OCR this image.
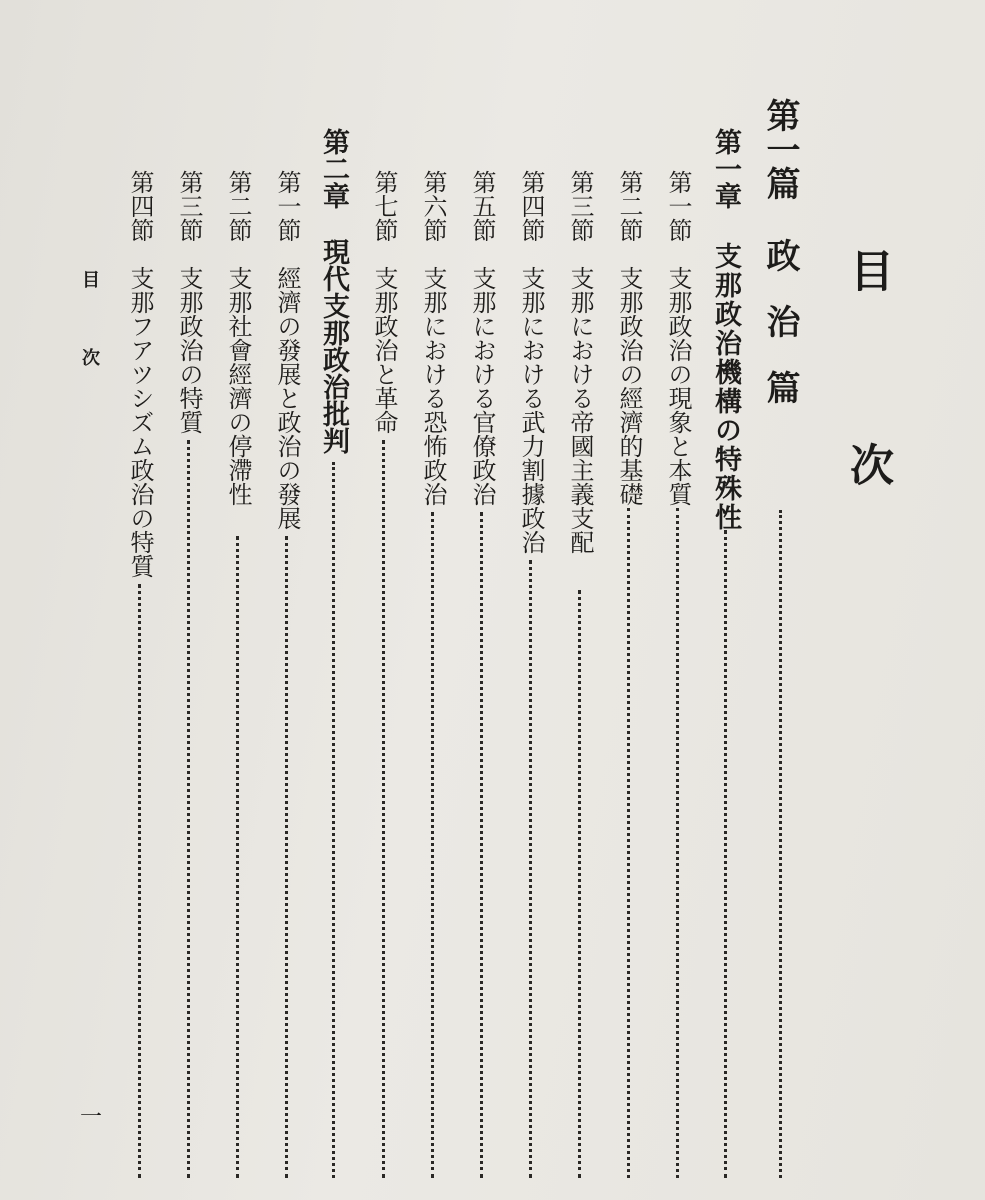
目次
第一篇
政治篇
第一章
支那政治機構の特殊性
第一節
支那政治の現象と本質
第二節
支那政治の經濟的基礎
第三節
支那における帝國主義支配
第四節
支那における武力割據政治
第五節
支那における官僚政治
第六節
支那における恐怖政治
第七節
支那政治と革命
第二章
現代支那政治批判
第一節
經濟の發展と政治の發展
第二節
支那社會經濟の停滯性
第三節
支那政治の特質
第四節
支那フアツシズム政治の特質
目次
一
